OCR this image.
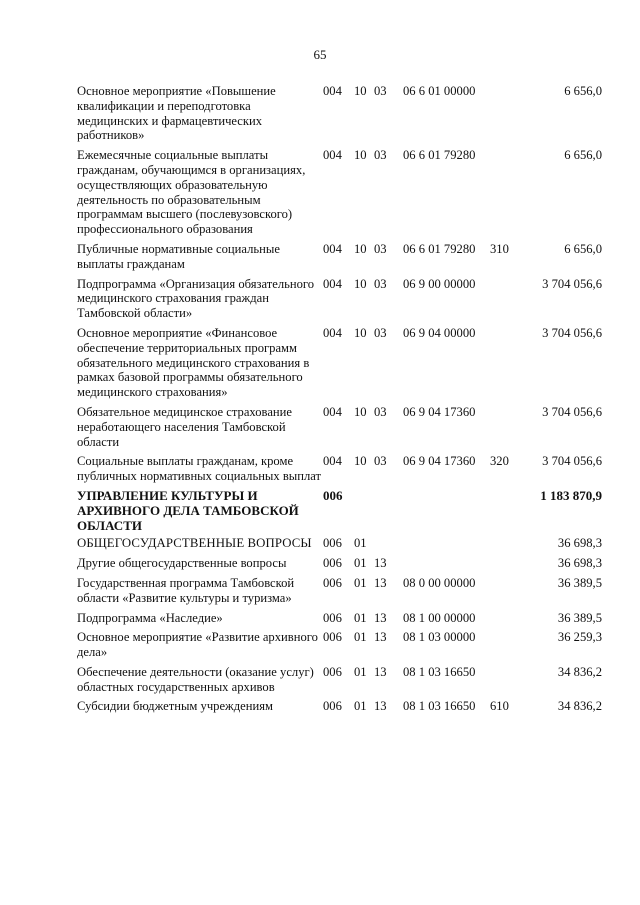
65
Основное мероприятие «Повышение квалификации и переподготовка медицинских и фармацевтических работников»	004	10	03	06 6 01 00000		6 656,0
Ежемесячные социальные выплаты гражданам, обучающимся в организациях, осуществляющих образовательную деятельность по образовательным программам высшего (послевузовского) профессионального образования	004	10	03	06 6 01 79280		6 656,0
Публичные нормативные социальные выплаты гражданам	004	10	03	06 6 01 79280	310	6 656,0
Подпрограмма «Организация обязательного медицинского страхования граждан Тамбовской области»	004	10	03	06 9 00 00000		3 704 056,6
Основное мероприятие «Финансовое обеспечение территориальных программ обязательного медицинского страхования в рамках базовой программы обязательного медицинского страхования»	004	10	03	06 9 04 00000		3 704 056,6
Обязательное медицинское страхование неработающего населения Тамбовской области	004	10	03	06 9 04 17360		3 704 056,6
Социальные выплаты гражданам, кроме публичных нормативных социальных выплат	004	10	03	06 9 04 17360	320	3 704 056,6
УПРАВЛЕНИЕ КУЛЬТУРЫ И АРХИВНОГО ДЕЛА ТАМБОВСКОЙ ОБЛАСТИ	006					1 183 870,9
ОБЩЕГОСУДАРСТВЕННЫЕ ВОПРОСЫ	006	01				36 698,3
Другие общегосударственные вопросы	006	01	13			36 698,3
Государственная программа Тамбовской области «Развитие культуры и туризма»	006	01	13	08 0 00 00000		36 389,5
Подпрограмма «Наследие»	006	01	13	08 1 00 00000		36 389,5
Основное мероприятие «Развитие архивного дела»	006	01	13	08 1 03 00000		36 259,3
Обеспечение деятельности (оказание услуг) областных государственных архивов	006	01	13	08 1 03 16650		34 836,2
Субсидии бюджетным учреждениям	006	01	13	08 1 03 16650	610	34 836,2
